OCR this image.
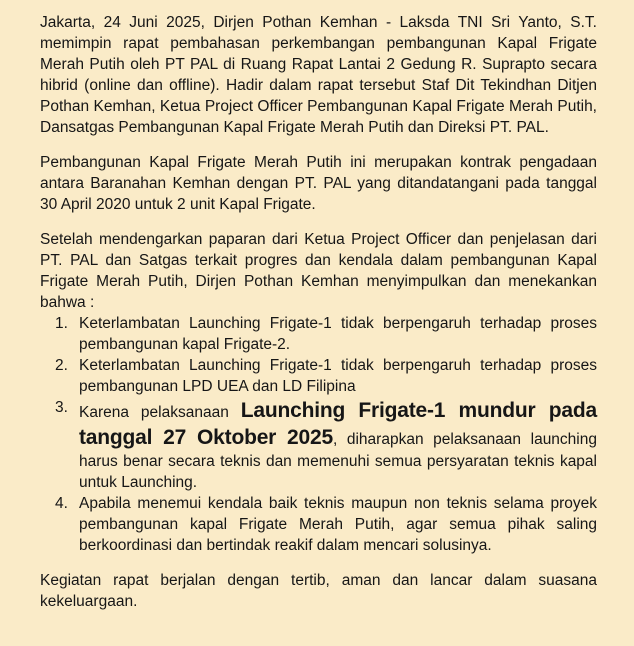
Jakarta, 24 Juni 2025, Dirjen Pothan Kemhan - Laksda TNI Sri Yanto, S.T. memimpin rapat pembahasan perkembangan pembangunan Kapal Frigate Merah Putih oleh PT PAL di Ruang Rapat Lantai 2 Gedung R. Suprapto secara hibrid (online dan offline). Hadir dalam rapat tersebut Staf Dit Tekindhan Ditjen Pothan Kemhan, Ketua Project Officer Pembangunan Kapal Frigate Merah Putih, Dansatgas Pembangunan Kapal Frigate Merah Putih dan Direksi PT. PAL.

Pembangunan Kapal Frigate Merah Putih ini merupakan kontrak pengadaan antara Baranahan Kemhan dengan PT. PAL yang ditandatangani pada tanggal 30 April 2020 untuk 2 unit Kapal Frigate.

Setelah mendengarkan paparan dari Ketua Project Officer dan penjelasan dari PT. PAL dan Satgas terkait progres dan kendala dalam pembangunan Kapal Frigate Merah Putih, Dirjen Pothan Kemhan menyimpulkan dan menekankan bahwa :

1. Keterlambatan Launching Frigate-1 tidak berpengaruh terhadap proses pembangunan kapal Frigate-2.
2. Keterlambatan Launching Frigate-1 tidak berpengaruh terhadap proses pembangunan LPD UEA dan LD Filipina
3. Karena pelaksanaan Launching Frigate-1 mundur pada tanggal 27 Oktober 2025, diharapkan pelaksanaan launching harus benar secara teknis dan memenuhi semua persyaratan teknis kapal untuk Launching.
4. Apabila menemui kendala baik teknis maupun non teknis selama proyek pembangunan kapal Frigate Merah Putih, agar semua pihak saling berkoordinasi dan bertindak reakif dalam mencari solusinya.

Kegiatan rapat berjalan dengan tertib, aman dan lancar dalam suasana kekeluargaan.
